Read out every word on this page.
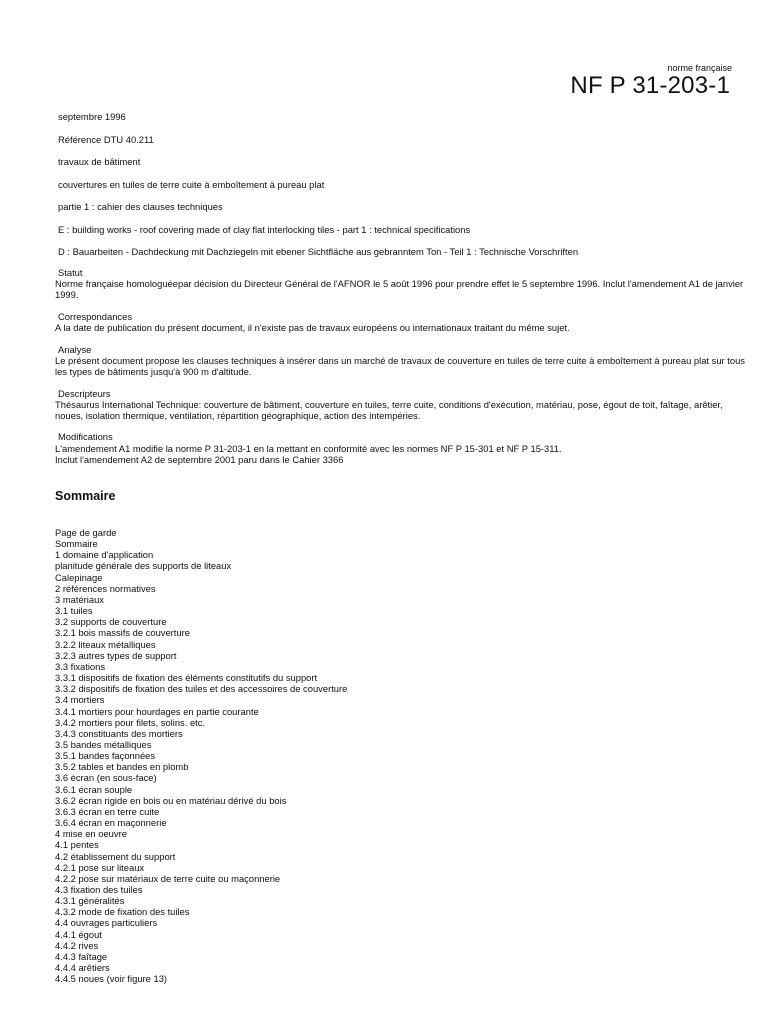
norme française
NF P 31-203-1
septembre 1996
Référence DTU 40.211
travaux de bâtiment
couvertures en tuiles de terre cuite à emboîtement à pureau plat
partie 1 : cahier des clauses techniques
E : building works - roof covering made of clay flat interlocking tiles - part 1 : technical specifications
D : Bauarbeiten - Dachdeckung mit Dachziegeln mit ebener Sichtfläche aus gebranntem Ton - Teil 1 : Technische Vorschriften
Statut
Norme française homologuéepar décision du Directeur Général de l'AFNOR le 5 août 1996 pour prendre effet le 5 septembre 1996. Inclut l'amendement A1 de janvier 1999.
Correspondances
A la date de publication du présent document, il n'existe pas de travaux européens ou internationaux traitant du même sujet.
Analyse
Le présent document propose les clauses techniques à insérer dans un marché de travaux de couverture en tuiles de terre cuite à emboîtement à pureau plat sur tous les types de bâtiments jusqu'à 900 m d'altitude.
Descripteurs
Thésaurus International Technique: couverture de bâtiment, couverture en tuiles, terre cuite, conditions d'exécution, matériau, pose, égout de toit, faîtage, arêtier, noues, isolation thermique, ventilation, répartition géographique, action des intempéries.
Modifications
L'amendement A1 modifie la norme P 31-203-1 en la mettant en conformité avec les normes NF P 15-301 et NF P 15-311.
Inclut l'amendement A2 de septembre 2001 paru dans le Cahier 3366
Sommaire
Page de garde
Sommaire
1 domaine d'application
planitude générale des supports de liteaux
Calepinage
2 références normatives
3 matériaux
3.1 tuiles
3.2 supports de couverture
3.2.1 bois massifs de couverture
3.2.2 liteaux métalliques
3.2.3 autres types de support
3.3 fixations
3.3.1 dispositifs de fixation des éléments constitutifs du support
3.3.2 dispositifs de fixation des tuiles et des accessoires de couverture
3.4 mortiers
3.4.1 mortiers pour hourdages en partie courante
3.4.2 mortiers pour filets, solins. etc.
3.4.3 constituants des mortiers
3.5 bandes métalliques
3.5.1 bandes façonnées
3.5.2 tables et bandes en plomb
3.6 écran (en sous-face)
3.6.1 écran souple
3.6.2 écran rigide en bois ou en matériau dérivé du bois
3.6.3 écran en terre cuite
3.6.4 écran en maçonnerie
4 mise en oeuvre
4.1 pentes
4.2 établissement du support
4.2.1 pose sur liteaux
4.2.2 pose sur matériaux de terre cuite ou maçonnerie
4.3 fixation des tuiles
4.3.1 généralités
4.3.2 mode de fixation des tuiles
4.4 ouvrages particuliers
4.4.1 égout
4.4.2 rives
4.4.3 faîtage
4.4.4 arêtiers
4.4.5 noues (voir figure 13)
